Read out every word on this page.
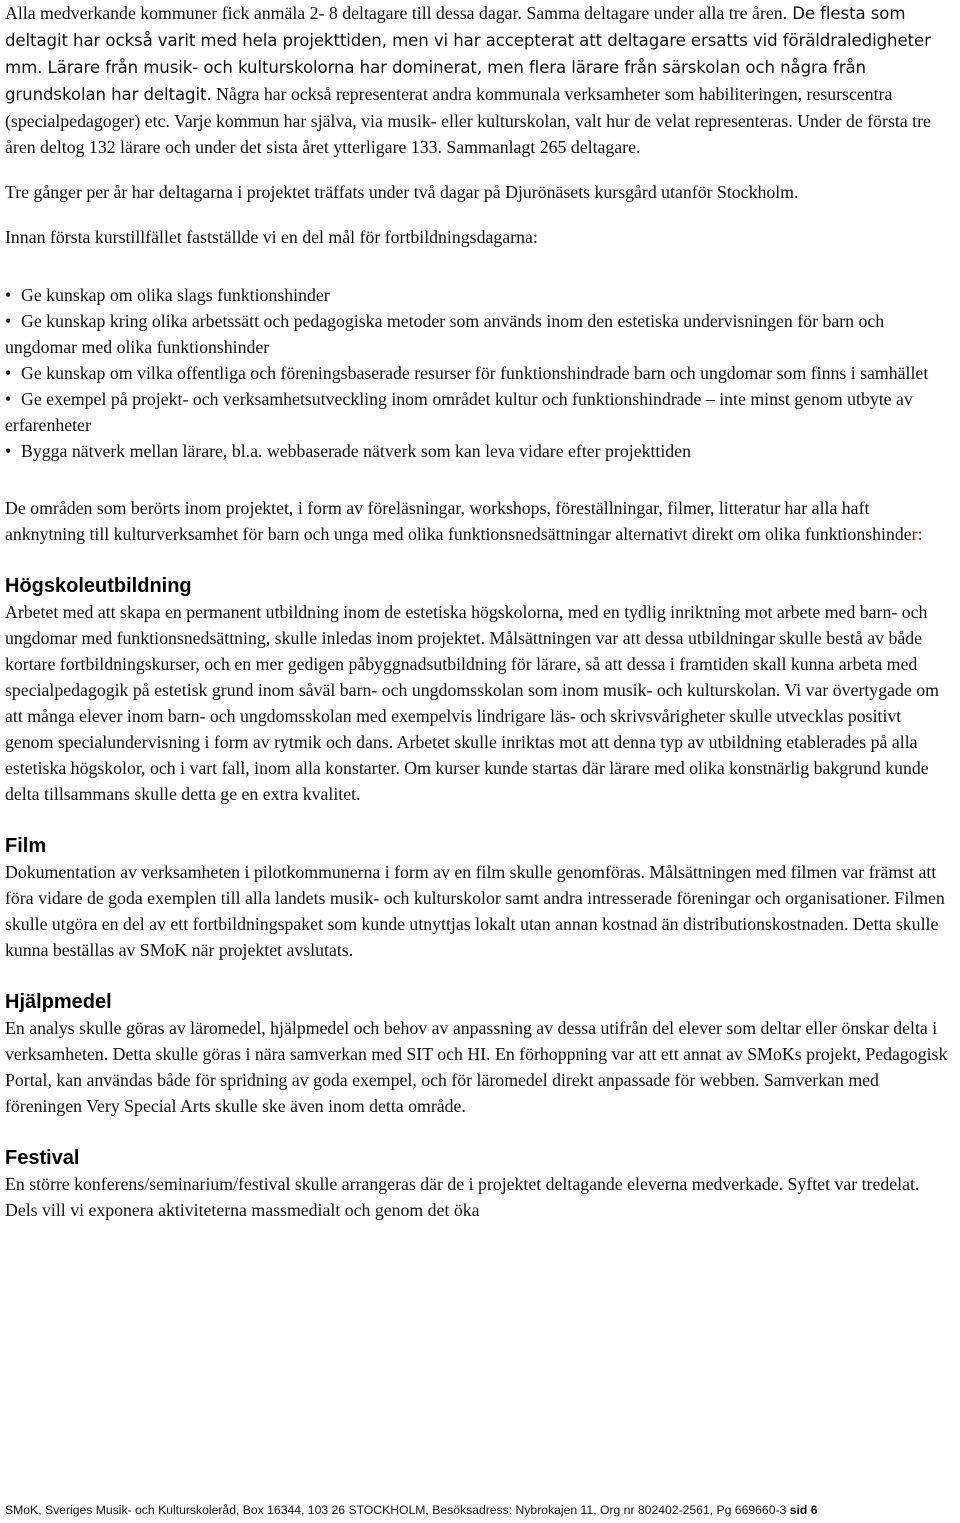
Alla medverkande kommuner fick anmäla 2- 8 deltagare till dessa dagar. Samma deltagare under alla tre åren. De flesta som deltagit har också varit med hela projekttiden, men vi har accepterat att deltagare ersatts vid föräldraledigheter mm. Lärare från musik- och kulturskolorna har dominerat, men flera lärare från särskolan och några från grundskolan har deltagit. Några har också representerat andra kommunala verksamheter som habiliteringen, resurscentra (specialpedagoger) etc. Varje kommun har själva, via musik- eller kulturskolan, valt hur de velat representeras. Under de första tre åren deltog 132 lärare och under det sista året ytterligare 133. Sammanlagt 265 deltagare.

Tre gånger per år har deltagarna i projektet träffats under två dagar på Djurönäsets kursgård utanför Stockholm.

Innan första kurstillfället fastställde vi en del mål för fortbildningsdagarna:

• Ge kunskap om olika slags funktionshinder
• Ge kunskap kring olika arbetssätt och pedagogiska metoder som används inom den estetiska undervisningen för barn och ungdomar med olika funktionshinder
• Ge kunskap om vilka offentliga och föreningsbaserade resurser för funktionshindrade barn och ungdomar som finns i samhället
• Ge exempel på projekt- och verksamhetsutveckling inom området kultur och funktionshindrade – inte minst genom utbyte av erfarenheter
• Bygga nätverk mellan lärare, bl.a. webbaserade nätverk som kan leva vidare efter projekttiden

De områden som berörts inom projektet, i form av föreläsningar, workshops, föreställningar, filmer, litteratur har alla haft anknytning till kulturverksamhet för barn och unga med olika funktionsnedsättningar alternativt direkt om olika funktionshinder:

Högskoleutbildning

Arbetet med att skapa en permanent utbildning inom de estetiska högskolorna, med en tydlig inriktning mot arbete med barn- och ungdomar med funktionsnedsättning, skulle inledas inom projektet. Målsättningen var att dessa utbildningar skulle bestå av både kortare fortbildningskurser, och en mer gedigen påbyggnadsutbildning för lärare, så att dessa i framtiden skall kunna arbeta med specialpedagogik på estetisk grund inom såväl barn- och ungdomsskolan som inom musik- och kulturskolan. Vi var övertygade om att många elever inom barn- och ungdomsskolan med exempelvis lindrigare läs- och skrivsvårigheter skulle utvecklas positivt genom specialundervisning i form av rytmik och dans. Arbetet skulle inriktas mot att denna typ av utbildning etablerades på alla estetiska högskolor, och i vart fall, inom alla konstarter. Om kurser kunde startas där lärare med olika konstnärlig bakgrund kunde delta tillsammans skulle detta ge en extra kvalitet.

Film

Dokumentation av verksamheten i pilotkommunerna i form av en film skulle genomföras. Målsättningen med filmen var främst att föra vidare de goda exemplen till alla landets musik- och kulturskolor samt andra intresserade föreningar och organisationer. Filmen skulle utgöra en del av ett fortbildningspaket som kunde utnyttjas lokalt utan annan kostnad än distributionskostnaden. Detta skulle kunna beställas av SMoK när projektet avslutats.

Hjälpmedel

En analys skulle göras av läromedel, hjälpmedel och behov av anpassning av dessa utifrån del elever som deltar eller önskar delta i verksamheten. Detta skulle göras i nära samverkan med SIT och HI. En förhoppning var att ett annat av SMoKs projekt, Pedagogisk Portal, kan användas både för spridning av goda exempel, och för läromedel direkt anpassade för webben. Samverkan med föreningen Very Special Arts skulle ske även inom detta område.

Festival

En större konferens/seminarium/festival skulle arrangeras där de i projektet deltagande eleverna medverkade. Syftet var tredelat. Dels vill vi exponera aktiviteterna massmedialt och genom det öka

SMoK, Sveriges Musik- och Kulturskoleråd, Box 16344, 103 26 STOCKHOLM, Besöksadress: Nybrokajen 11, Org nr 802402-2561, Pg 669660-3 sid 6
